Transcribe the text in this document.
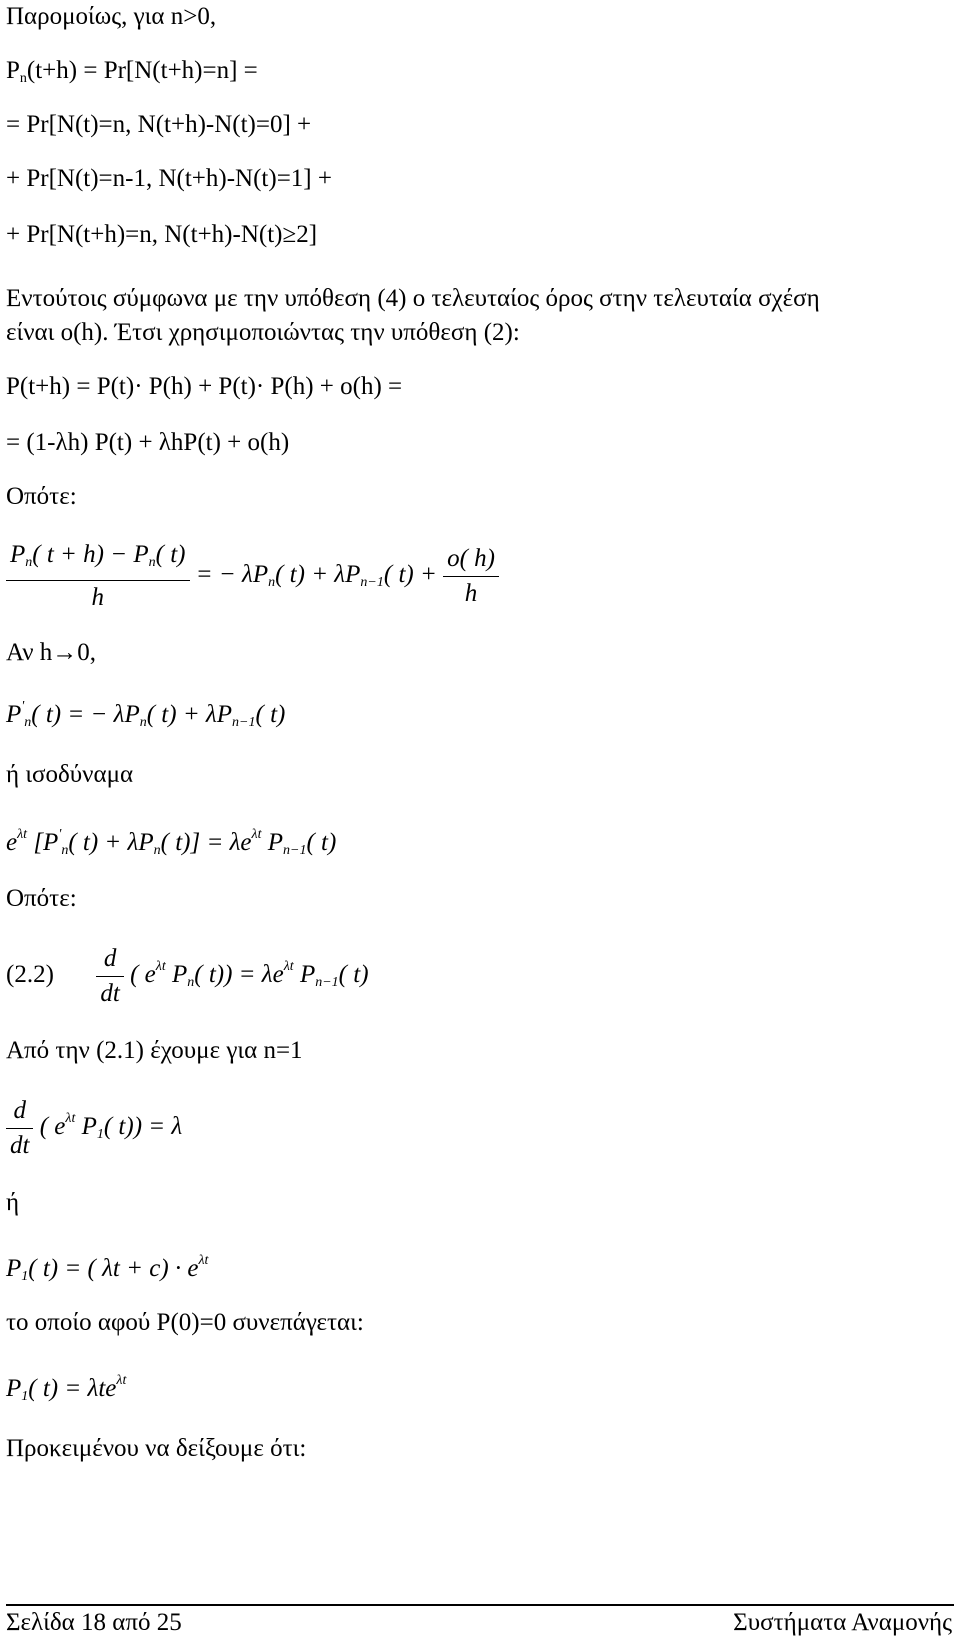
Παρομοίως, για n>0,
$P_n(t+h) = Pr[N(t+h)=n]$ =
= Pr[N(t)=n, N(t+h)-N(t)=0] +
+ Pr[N(t)=n-1, N(t+h)-N(t)=1] +
+ Pr[N(t+h)=n, N(t+h)-N(t)≥2]
Εντούτοις σύμφωνα με την υπόθεση (4) ο τελευταίος όρος στην τελευταία σχέση
είναι o(h). Έτσι χρησιμοποιώντας την υπόθεση (2):
P(t+h) = P(t)· P(h) + P(t)· P(h) + o(h) =
= (1-λh) P(t) + λhP(t) + o(h)
Οπότε:
$\frac{P_n( t + h) - P_n( t)}{h}$ = − $\lambda P_n$( $t) + \lambda P_{n-1}$( $t) + \frac{o( h)}{h}$
Αν h→0,
$P'_n$( t) = − $\lambda P_n$( $t) + \lambda P_{n-1}$( t)
ή ισοδύναμα
$e^{\lambda t}$ [$P'_n$( $t) + \lambda P_n$( $t)] = \lambda e^{\lambda t}$ $P_{n-1}$( t)
Οπότε:
$(2.2) \frac{d}{dt}$ ( $e^{\lambda t}$ $P_n$( $t)) = \lambda e^{\lambda t}$ $P_{n-1}$( t)
Από την (2.1) έχουμε για n=1
$\frac{d}{dt}$ ( $e^{\lambda t}$ $P_1$( t)) = λ
ή
$P_1$( t) = ( $\lambda t + c) \cdot e^{\lambda t}$
το οποίο αφού P(0)=0 συνεπάγεται:
$P_1$( t) = λte$^{\lambda t}$
Προκειμένου να δείξουμε ότι:
Σελίδα 18 από 25	Συστήματα Αναμονής
